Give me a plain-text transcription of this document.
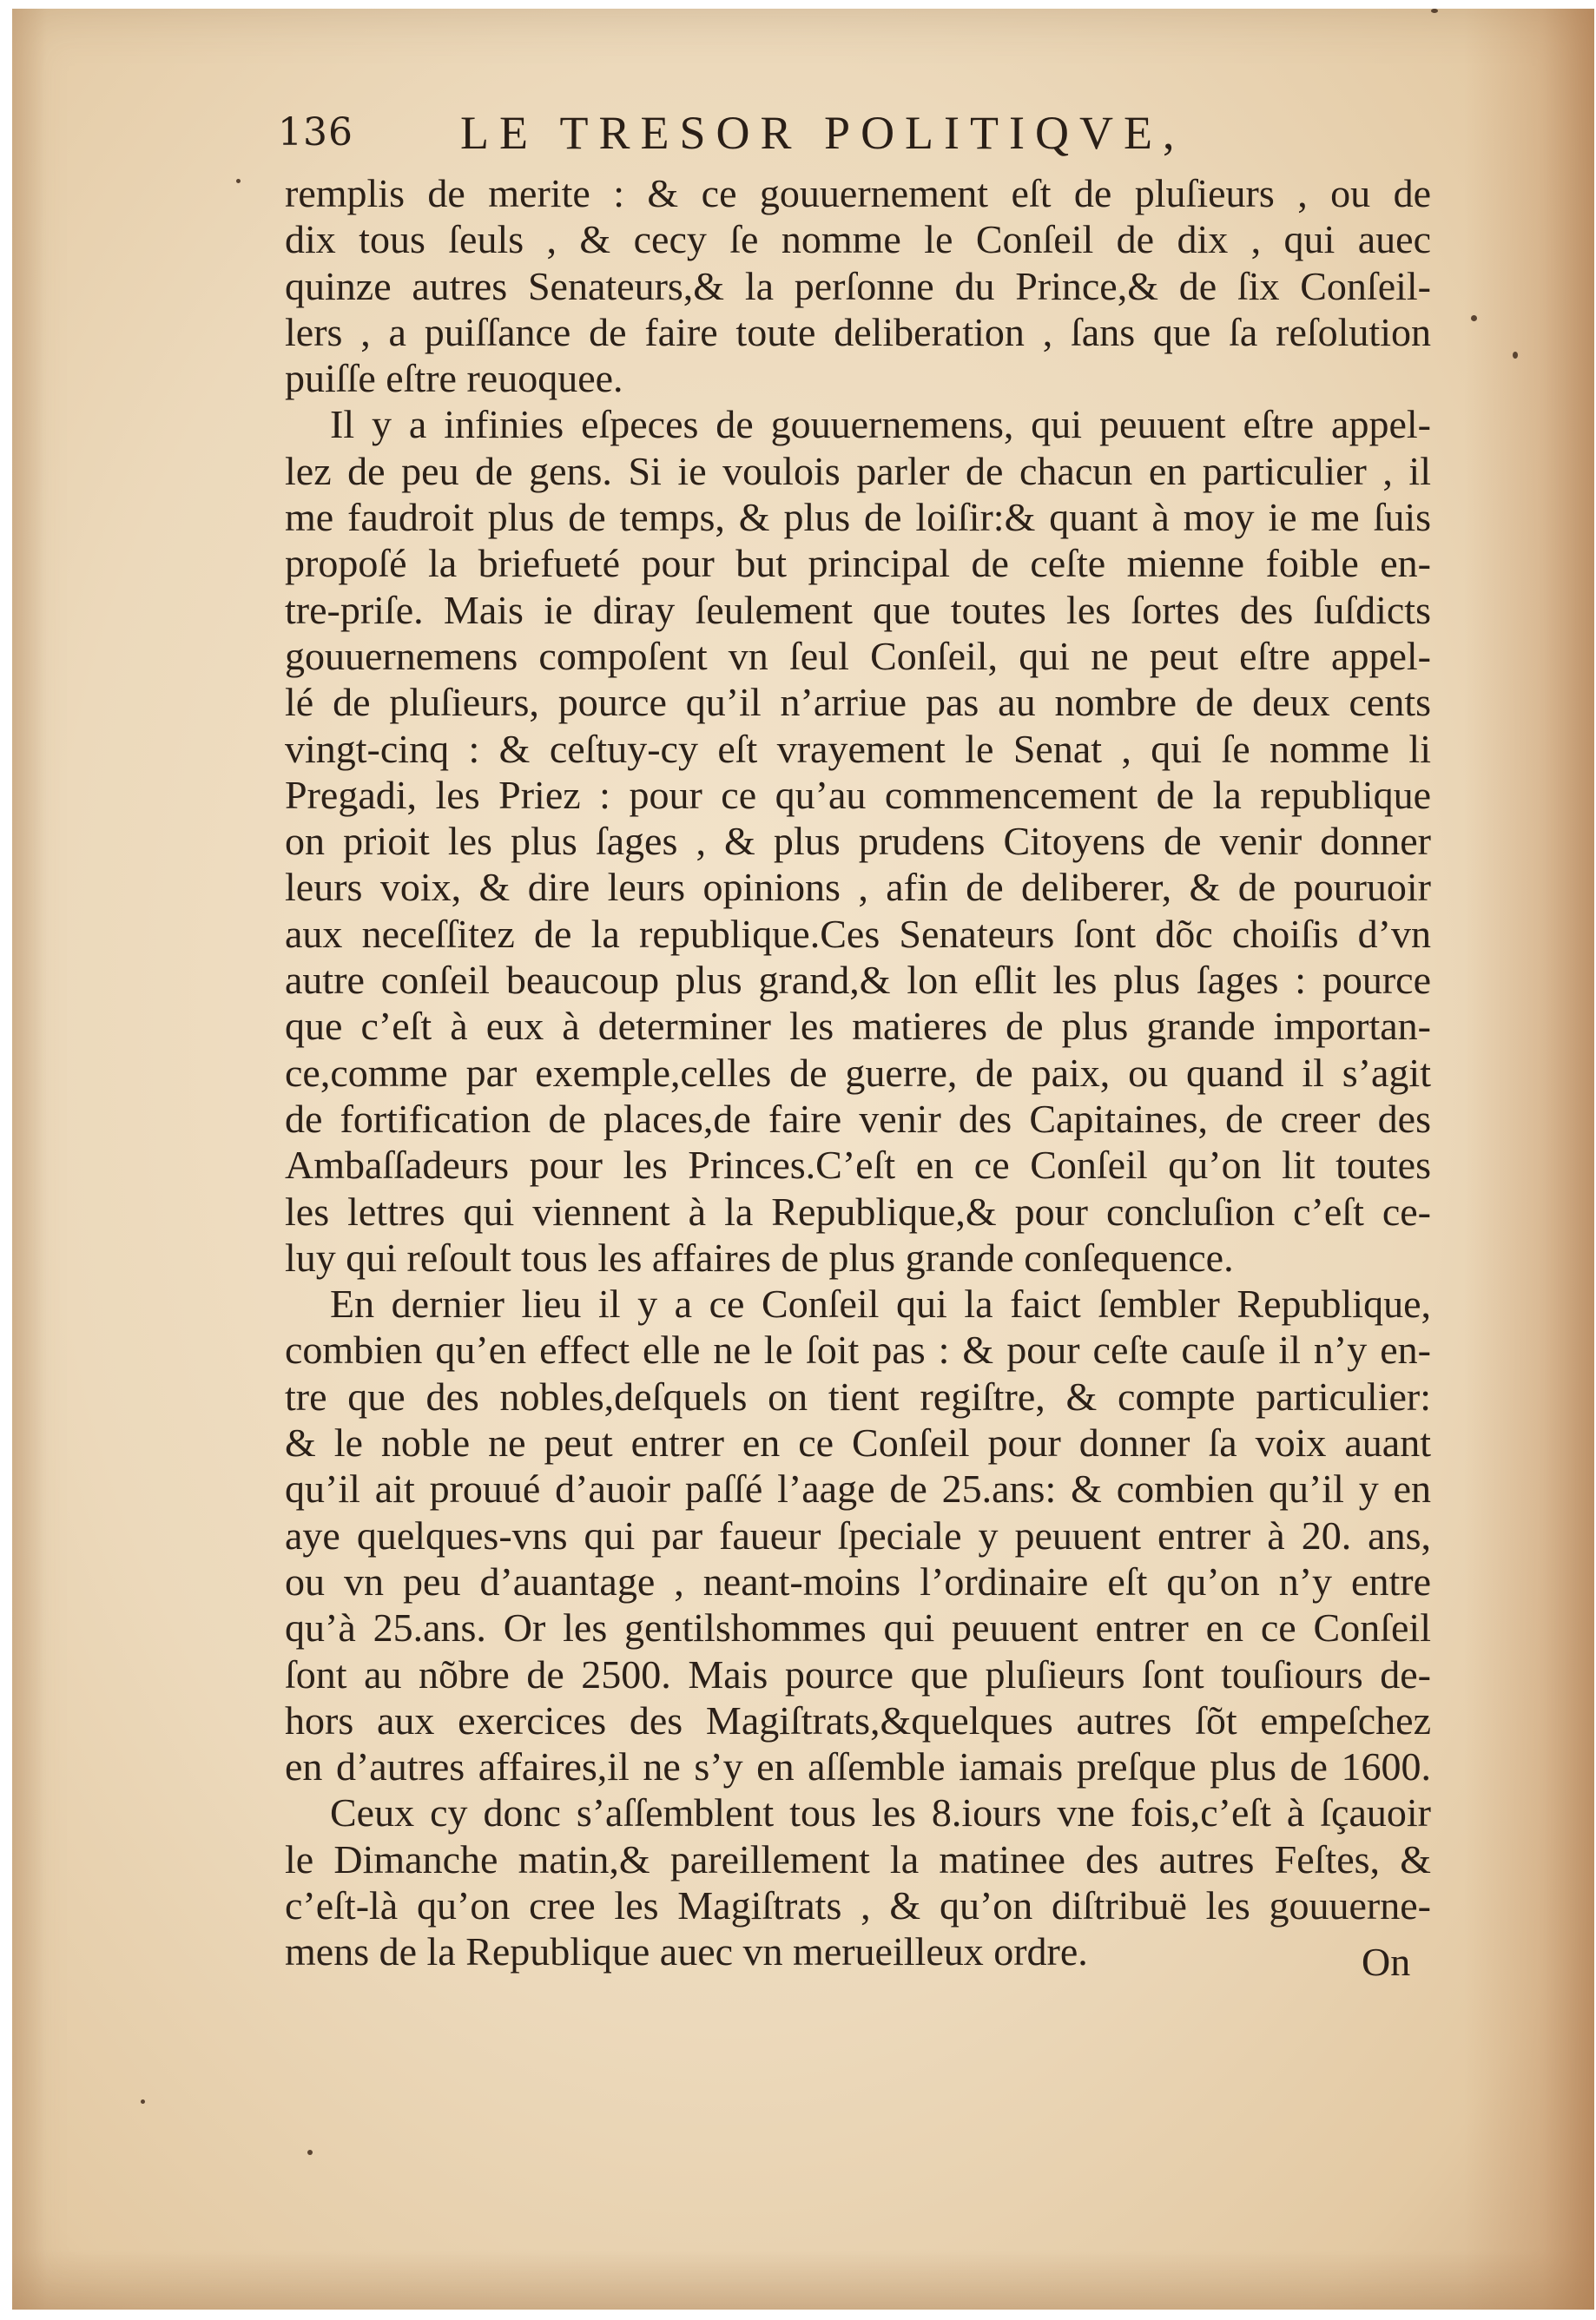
136 LE TRESOR POLITIQVE,
remplis de merite : & ce gouuernement eſt de pluſieurs , ou de
dix tous ſeuls , & cecy ſe nomme le Conſeil de dix , qui auec
quinze autres Senateurs,& la perſonne du Prince,& de ſix Conſeil-
lers , a puiſſance de faire toute deliberation , ſans que ſa reſolution
puiſſe eſtre reuoquee.
Il y a infinies eſpeces de gouuernemens, qui peuuent eſtre appel-
lez de peu de gens. Si ie voulois parler de chacun en particulier , il
me faudroit plus de temps, & plus de loiſir:& quant à moy ie me ſuis
propoſé la briefueté pour but principal de ceſte mienne foible en-
tre-priſe. Mais ie diray ſeulement que toutes les ſortes des ſuſdicts
gouuernemens compoſent vn ſeul Conſeil, qui ne peut eſtre appel-
lé de pluſieurs, pource qu’il n’arriue pas au nombre de deux cents
vingt-cinq : & ceſtuy-cy eſt vrayement le Senat , qui ſe nomme li
Pregadi, les Priez : pour ce qu’au commencement de la republique
on prioit les plus ſages , & plus prudens Citoyens de venir donner
leurs voix, & dire leurs opinions , afin de deliberer, & de pouruoir
aux neceſſitez de la republique.Ces Senateurs ſont dõc choiſis d’vn
autre conſeil beaucoup plus grand,& lon eſlit les plus ſages : pource
que c’eſt à eux à determiner les matieres de plus grande importan-
ce,comme par exemple,celles de guerre, de paix, ou quand il s’agit
de fortification de places,de faire venir des Capitaines, de creer des
Ambaſſadeurs pour les Princes.C’eſt en ce Conſeil qu’on lit toutes
les lettres qui viennent à la Republique,& pour concluſion c’eſt ce-
luy qui reſoult tous les affaires de plus grande conſequence.
En dernier lieu il y a ce Conſeil qui la faict ſembler Republique,
combien qu’en effect elle ne le ſoit pas : & pour ceſte cauſe il n’y en-
tre que des nobles,deſquels on tient regiſtre, & compte particulier:
& le noble ne peut entrer en ce Conſeil pour donner ſa voix auant
qu’il ait prouué d’auoir paſſé l’aage de 25.ans: & combien qu’il y en
aye quelques-vns qui par faueur ſpeciale y peuuent entrer à 20. ans,
ou vn peu d’auantage , neant-moins l’ordinaire eſt qu’on n’y entre
qu’à 25.ans. Or les gentilshommes qui peuuent entrer en ce Conſeil
ſont au nõbre de 2500. Mais pource que pluſieurs ſont touſiours de-
hors aux exercices des Magiſtrats,&quelques autres ſõt empeſchez
en d’autres affaires,il ne s’y en aſſemble iamais preſque plus de 1600.
Ceux cy donc s’aſſemblent tous les 8.iours vne fois,c’eſt à ſçauoir
le Dimanche matin,& pareillement la matinee des autres Feſtes, &
c’eſt-là qu’on cree les Magiſtrats , & qu’on diſtribuë les gouuerne-
mens de la Republique auec vn merueilleux ordre.	On
